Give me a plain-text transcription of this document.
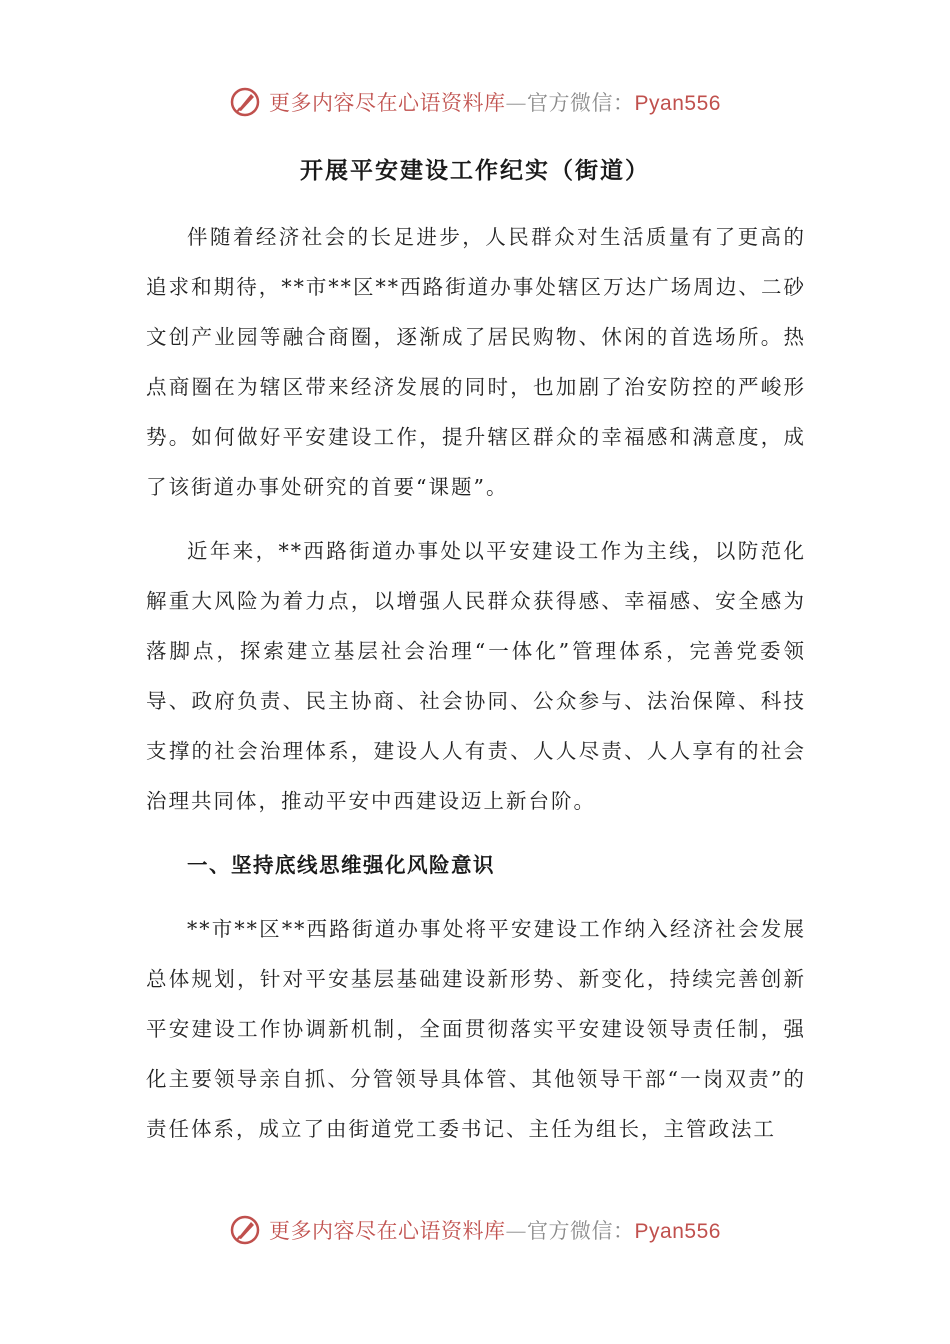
更多内容尽在心语资料库—官方微信：Pyan556
开展平安建设工作纪实（街道）

伴随着经济社会的长足进步，人民群众对生活质量有了更高的追求和期待，**市**区**西路街道办事处辖区万达广场周边、二砂文创产业园等融合商圈，逐渐成了居民购物、休闲的首选场所。热点商圈在为辖区带来经济发展的同时，也加剧了治安防控的严峻形势。如何做好平安建设工作，提升辖区群众的幸福感和满意度，成了该街道办事处研究的首要“课题”。

近年来，**西路街道办事处以平安建设工作为主线，以防范化解重大风险为着力点，以增强人民群众获得感、幸福感、安全感为落脚点，探索建立基层社会治理“一体化”管理体系，完善党委领导、政府负责、民主协商、社会协同、公众参与、法治保障、科技支撑的社会治理体系，建设人人有责、人人尽责、人人享有的社会治理共同体，推动平安中西建设迈上新台阶。

一、坚持底线思维强化风险意识

**市**区**西路街道办事处将平安建设工作纳入经济社会发展总体规划，针对平安基层基础建设新形势、新变化，持续完善创新平安建设工作协调新机制，全面贯彻落实平安建设领导责任制，强化主要领导亲自抓、分管领导具体管、其他领导干部“一岗双责”的责任体系，成立了由街道党工委书记、主任为组长，主管政法工

更多内容尽在心语资料库—官方微信：Pyan556
